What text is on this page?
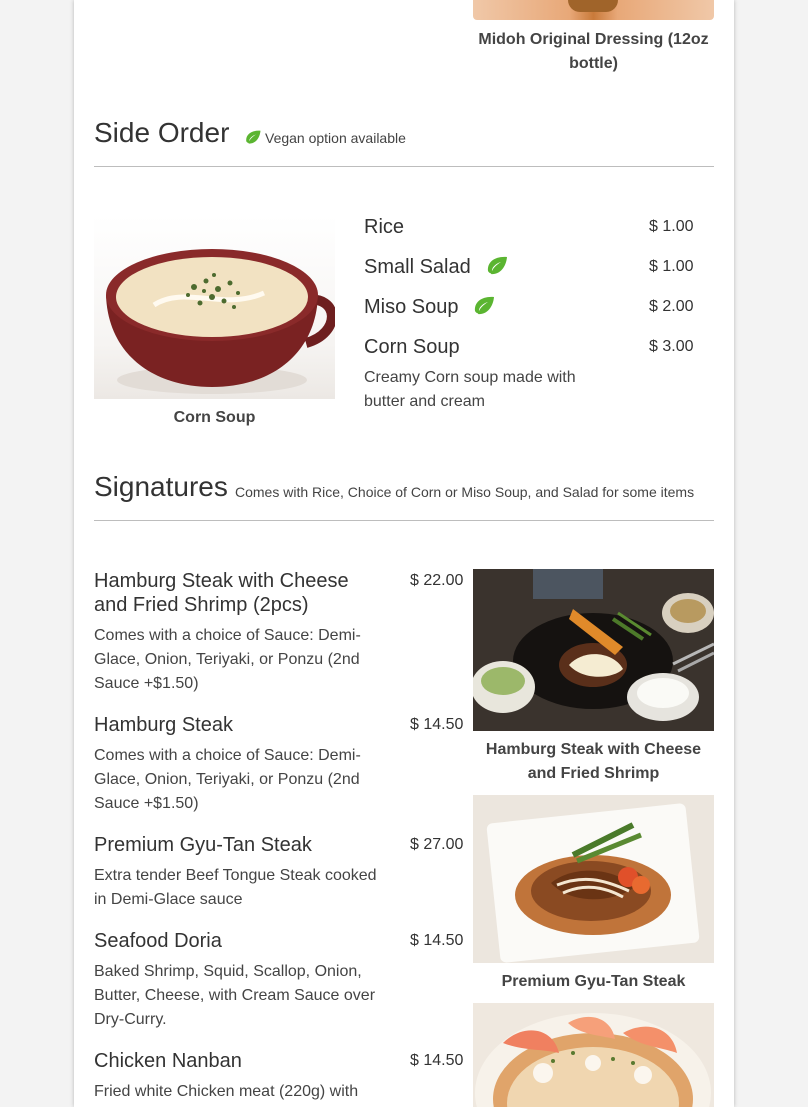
Midoh Original Dressing (12oz bottle)
Side Order	Vegan option available
Corn Soup
Rice	$ 1.00
Small Salad	$ 1.00
Miso Soup	$ 2.00
Corn Soup	$ 3.00
Creamy Corn soup made with butter and cream
Signatures Comes with Rice, Choice of Corn or Miso Soup, and Salad for some items
Hamburg Steak with Cheese and Fried Shrimp (2pcs)
$ 22.00
Comes with a choice of Sauce: Demi-Glace, Onion, Teriyaki, or Ponzu (2nd Sauce +$1.50)
Hamburg Steak	$ 14.50
Comes with a choice of Sauce: Demi-Glace, Onion, Teriyaki, or Ponzu (2nd Sauce +$1.50)
Premium Gyu-Tan Steak	$ 27.00
Extra tender Beef Tongue Steak cooked in Demi-Glace sauce
Seafood Doria	$ 14.50
Baked Shrimp, Squid, Scallop, Onion, Butter, Cheese, with Cream Sauce over Dry-Curry.
Chicken Nanban	$ 14.50
Fried white Chicken meat (220g) with
Hamburg Steak with Cheese and Fried Shrimp
Premium Gyu-Tan Steak
